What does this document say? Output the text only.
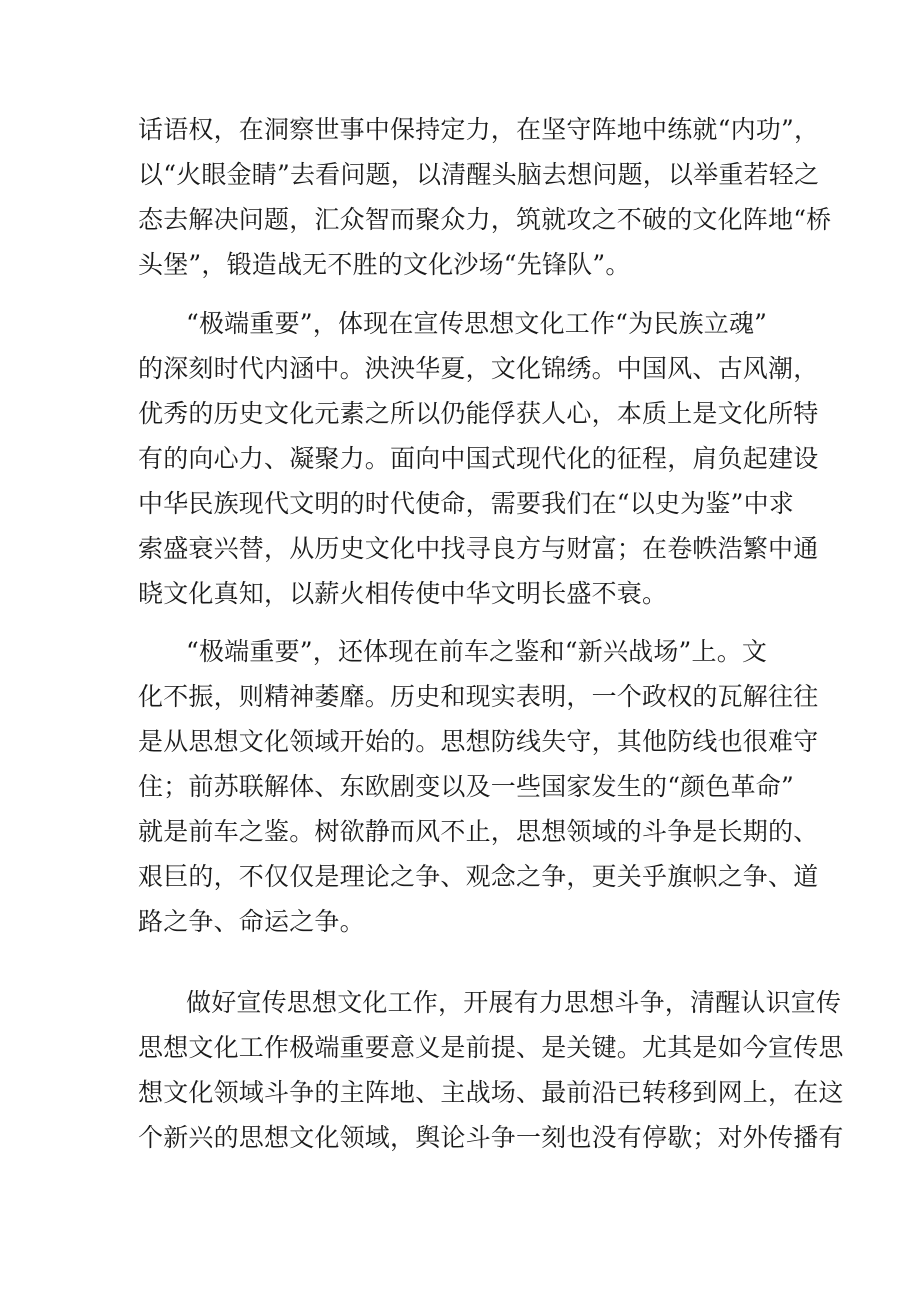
话语权，在洞察世事中保持定力，在坚守阵地中练就“内功”，
以“火眼金睛”去看问题，以清醒头脑去想问题，以举重若轻之
态去解决问题，汇众智而聚众力，筑就攻之不破的文化阵地“桥
头堡”，锻造战无不胜的文化沙场“先锋队”。
“极端重要”，体现在宣传思想文化工作“为民族立魂”
的深刻时代内涵中。泱泱华夏，文化锦绣。中国风、古风潮，
优秀的历史文化元素之所以仍能俘获人心，本质上是文化所特
有的向心力、凝聚力。面向中国式现代化的征程，肩负起建设
中华民族现代文明的时代使命，需要我们在“以史为鉴”中求
索盛衰兴替，从历史文化中找寻良方与财富；在卷帙浩繁中通
晓文化真知，以薪火相传使中华文明长盛不衰。
“极端重要”，还体现在前车之鉴和“新兴战场”上。文
化不振，则精神萎靡。历史和现实表明，一个政权的瓦解往往
是从思想文化领域开始的。思想防线失守，其他防线也很难守
住；前苏联解体、东欧剧变以及一些国家发生的“颜色革命”
就是前车之鉴。树欲静而风不止，思想领域的斗争是长期的、
艰巨的，不仅仅是理论之争、观念之争，更关乎旗帜之争、道
路之争、命运之争。
做好宣传思想文化工作，开展有力思想斗争，清醒认识宣传
思想文化工作极端重要意义是前提、是关键。尤其是如今宣传思
想文化领域斗争的主阵地、主战场、最前沿已转移到网上，在这
个新兴的思想文化领域，舆论斗争一刻也没有停歇；对外传播有
